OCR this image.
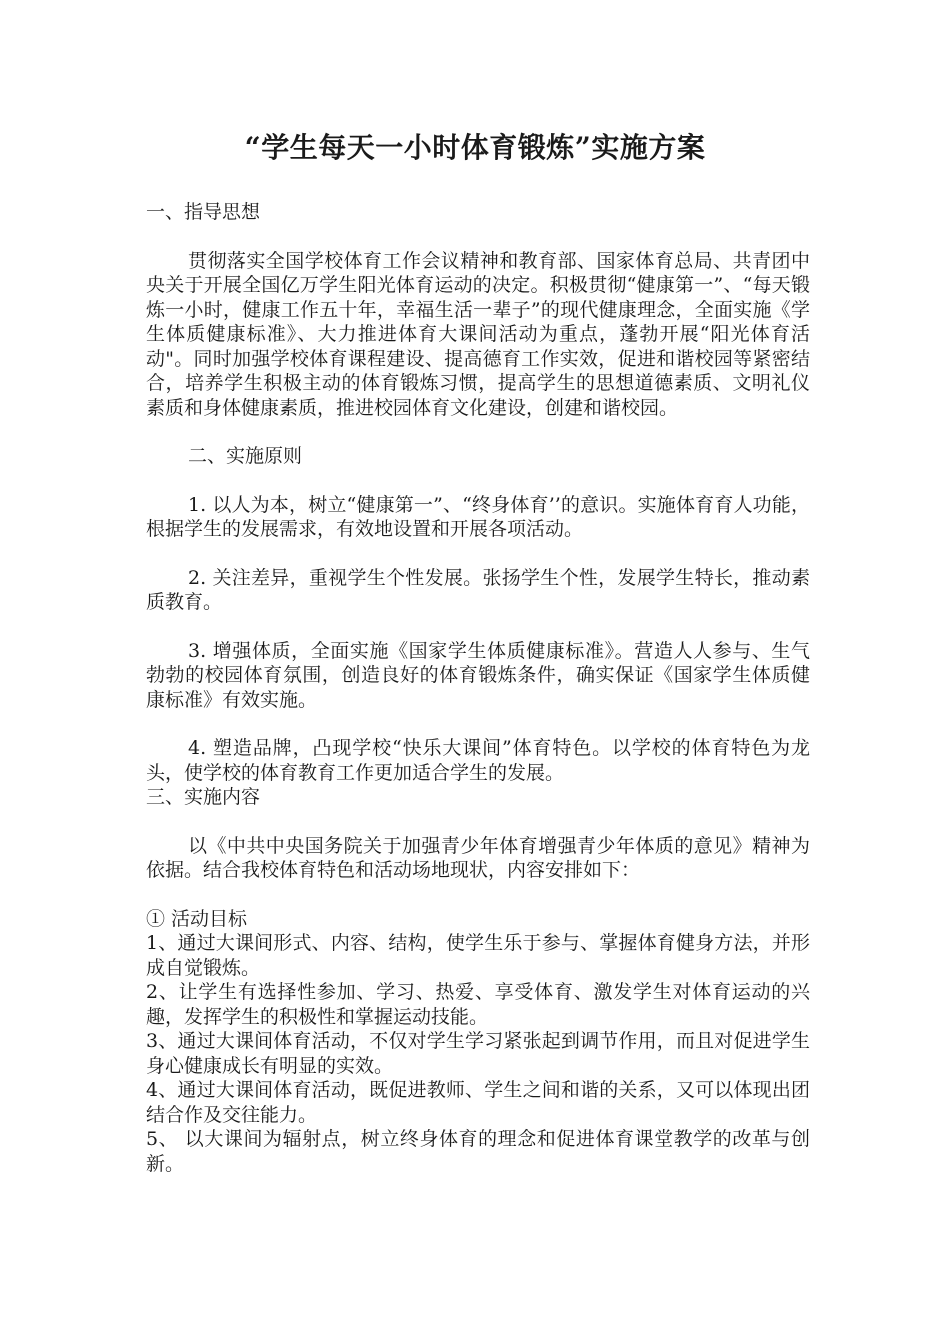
“学生每天一小时体育锻炼”实施方案

一、指导思想

贯彻落实全国学校体育工作会议精神和教育部、国家体育总局、共青团中央关于开展全国亿万学生阳光体育运动的决定。积极贯彻“健康第一”、“每天锻炼一小时，健康工作五十年，幸福生活一辈子”的现代健康理念，全面实施《学生体质健康标准》、大力推进体育大课间活动为重点，蓬勃开展“阳光体育活动"。同时加强学校体育课程建设、提高德育工作实效，促进和谐校园等紧密结合，培养学生积极主动的体育锻炼习惯，提高学生的思想道德素质、文明礼仪素质和身体健康素质，推进校园体育文化建设，创建和谐校园。

二、实施原则

1. 以人为本，树立“健康第一”、“终身体育’’的意识。实施体育育人功能，根据学生的发展需求，有效地设置和开展各项活动。

2. 关注差异，重视学生个性发展。张扬学生个性，发展学生特长，推动素质教育。

3. 增强体质，全面实施《国家学生体质健康标准》。营造人人参与、生气勃勃的校园体育氛围，创造良好的体育锻炼条件，确实保证《国家学生体质健康标准》有效实施。

4. 塑造品牌，凸现学校“快乐大课间”体育特色。以学校的体育特色为龙头，使学校的体育教育工作更加适合学生的发展。

三、实施内容

以《中共中央国务院关于加强青少年体育增强青少年体质的意见》精神为依据。结合我校体育特色和活动场地现状，内容安排如下：

① 活动目标

1、通过大课间形式、内容、结构，使学生乐于参与、掌握体育健身方法，并形成自觉锻炼。

2、让学生有选择性参加、学习、热爱、享受体育、激发学生对体育运动的兴趣，发挥学生的积极性和掌握运动技能。

3、通过大课间体育活动，不仅对学生学习紧张起到调节作用，而且对促进学生身心健康成长有明显的实效。

4、通过大课间体育活动，既促进教师、学生之间和谐的关系，又可以体现出团结合作及交往能力。

5、 以大课间为辐射点，树立终身体育的理念和促进体育课堂教学的改革与创新。
